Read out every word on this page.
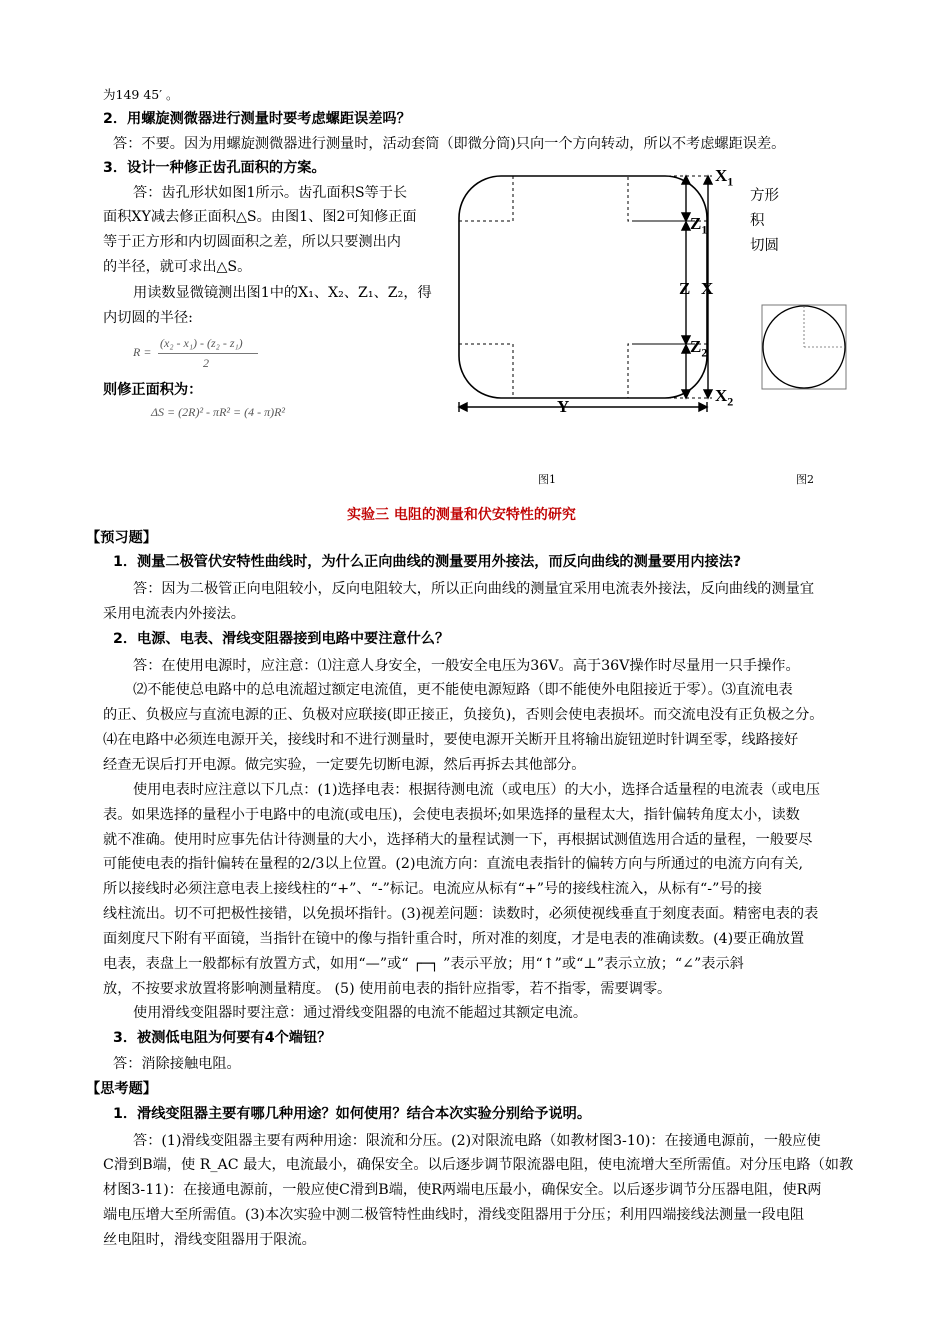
为149 45′ 。
2．用螺旋测微器进行测量时要考虑螺距误差吗？
答：不要。因为用螺旋测微器进行测量时，活动套筒（即微分筒)只向一个方向转动，所以不考虑螺距误差。
3．设计一种修正齿孔面积的方案。
答：齿孔形状如图1所示。齿孔面积S等于长
面积XY减去修正面积△S。由图1、图2可知修正面
等于正方形和内切圆面积之差，所以只要测出内
的半径，就可求出△S。
用读数显微镜测出图1中的X₁、X₂、Z₁、Z₂，得
内切圆的半径:
R =
(x₂ - x₁) - (z₂ - z₁)
2
则修正面积为：
ΔS = (2R)² - πR² = (4 - π)R²
方形
积
切圆
$X_1$
$Z_1$
Z X
$Z_2$
$X_2$
Y
图1	图2
实验三 电阻的测量和伏安特性的研究
【预习题】
1．测量二极管伏安特性曲线时，为什么正向曲线的测量要用外接法，而反向曲线的测量要用内接法?
答：因为二极管正向电阻较小，反向电阻较大，所以正向曲线的测量宜采用电流表外接法，反向曲线的测量宜
采用电流表内外接法。
2．电源、电表、滑线变阻器接到电路中要注意什么？
答：在使用电源时，应注意：⑴注意人身安全，一般安全电压为36V。高于36V操作时尽量用一只手操作。
⑵不能使总电路中的总电流超过额定电流值，更不能使电源短路（即不能使外电阻接近于零）。⑶直流电表
的正、负极应与直流电源的正、负极对应联接(即正接正，负接负)，否则会使电表损坏。而交流电没有正负极之分。
⑷在电路中必须连电源开关，接线时和不进行测量时，要使电源开关断开且将输出旋钮逆时针调至零，线路接好
经查无误后打开电源。做完实验，一定要先切断电源，然后再拆去其他部分。
使用电表时应注意以下几点：(1)选择电表：根据待测电流（或电压）的大小，选择合适量程的电流表（或电压
表。如果选择的量程小于电路中的电流(或电压)，会使电表损坏;如果选择的量程太大，指针偏转角度太小，读数
就不准确。使用时应事先估计待测量的大小，选择稍大的量程试测一下，再根据试测值选用合适的量程，一般要尽
可能使电表的指针偏转在量程的2/3以上位置。(2)电流方向：直流电表指针的偏转方向与所通过的电流方向有关,
所以接线时必须注意电表上接线柱的“+”、“-”标记。电流应从标有“+”号的接线柱流入，从标有“-”号的接
线柱流出。切不可把极性接错，以免损坏指针。(3)视差问题：读数时，必须使视线垂直于刻度表面。精密电表的表
面刻度尺下附有平面镜，当指针在镜中的像与指针重合时，所对准的刻度，才是电表的准确读数。(4)要正确放置
电表，表盘上一般都标有放置方式，如用“—”或“ ┌─┐ ”表示平放；用“↑”或“⊥”表示立放；“∠”表示斜
放，不按要求放置将影响测量精度。 (5) 使用前电表的指针应指零，若不指零，需要调零。
使用滑线变阻器时要注意：通过滑线变阻器的电流不能超过其额定电流。
3．被测低电阻为何要有4个端钮？
答：消除接触电阻。
【思考题】
1．滑线变阻器主要有哪几种用途？如何使用？结合本次实验分别给予说明。
答：(1)滑线变阻器主要有两种用途：限流和分压。(2)对限流电路（如教材图3-10)：在接通电源前，一般应使
C滑到B端，使 R_AC 最大，电流最小，确保安全。以后逐步调节限流器电阻，使电流增大至所需值。对分压电路（如教
材图3-11)：在接通电源前，一般应使C滑到B端，使R两端电压最小，确保安全。以后逐步调节分压器电阻，使R两
端电压增大至所需值。(3)本次实验中测二极管特性曲线时，滑线变阻器用于分压；利用四端接线法测量一段电阻
丝电阻时，滑线变阻器用于限流。
